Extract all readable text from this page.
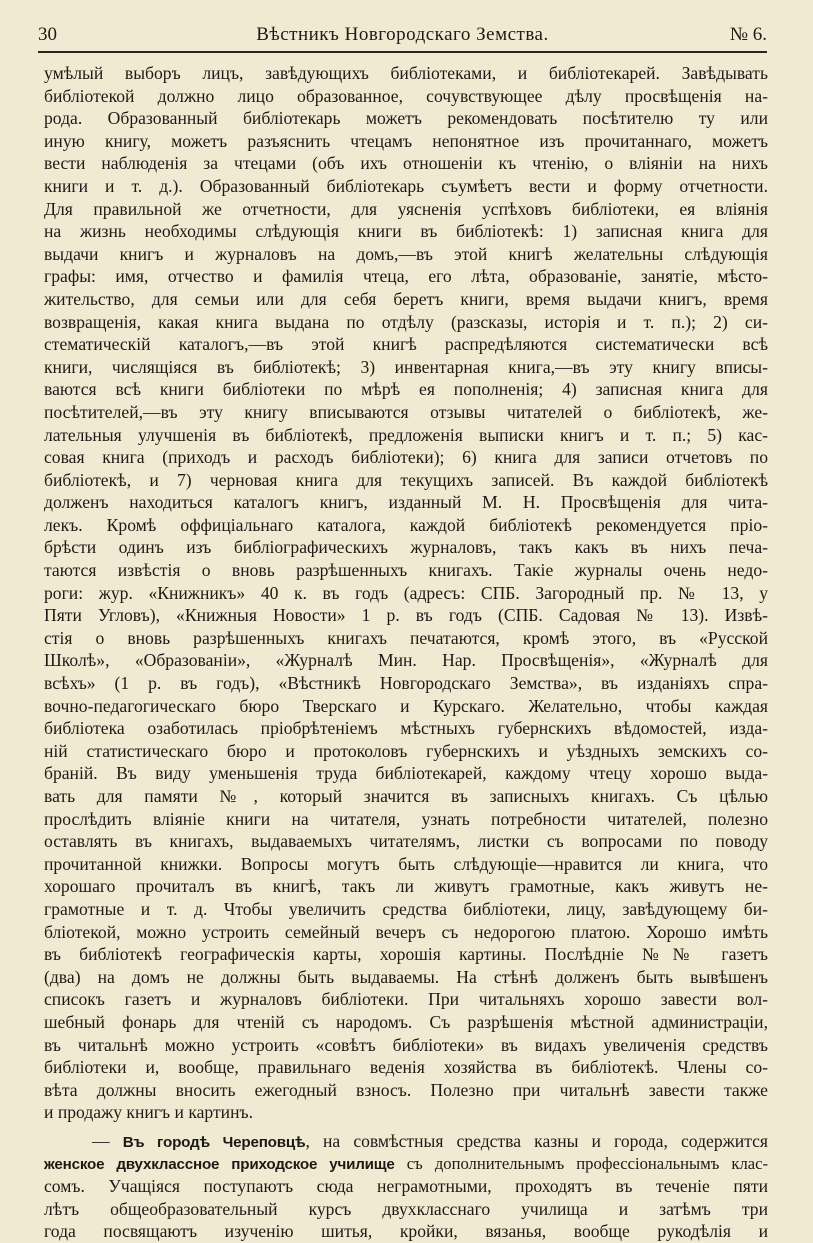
30	Вѣстникъ Новгородскаго Земства.	№ 6.
умѣлый выборъ лицъ, завѣдующихъ библіотеками, и библіотекарей. Завѣдывать
библіотекой должно лицо образованное, сочувствующее дѣлу просвѣщенія на-
рода. Образованный библіотекарь можетъ рекомендовать посѣтителю ту или
иную книгу, можетъ разъяснить чтецамъ непонятное изъ прочитаннаго, можетъ
вести наблюденія за чтецами (объ ихъ отношеніи къ чтенію, о вліяніи на нихъ
книги и т. д.). Образованный библіотекарь съумѣетъ вести и форму отчетности.
Для правильной же отчетности, для уясненія успѣховъ библіотеки, ея вліянія
на жизнь необходимы слѣдующія книги въ библіотекѣ: 1) записная книга для
выдачи книгъ и журналовъ на домъ,—въ этой книгѣ желательны слѣдующія
графы: имя, отчество и фамилія чтеца, его лѣта, образованіе, занятіе, мѣсто-
жительство, для семьи или для себя беретъ книги, время выдачи книгъ, время
возвращенія, какая книга выдана по отдѣлу (разсказы, исторія и т. п.); 2) си-
стематическій каталогъ,—въ этой книгѣ распредѣляются систематически всѣ
книги, числящіяся въ библіотекѣ; 3) инвентарная книга,—въ эту книгу вписы-
ваются всѣ книги библіотеки по мѣрѣ ея пополненія; 4) записная книга для
посѣтителей,—въ эту книгу вписываются отзывы читателей о библіотекѣ, же-
лательныя улучшенія въ библіотекѣ, предложенія выписки книгъ и т. п.; 5) кас-
совая книга (приходъ и расходъ библіотеки); 6) книга для записи отчетовъ по
библіотекѣ, и 7) черновая книга для текущихъ записей. Въ каждой библіотекѣ
долженъ находиться каталогъ книгъ, изданный М. Н. Просвѣщенія для чита-
лекъ. Кромѣ оффиціальнаго каталога, каждой библіотекѣ рекомендуется пріо-
брѣсти одинъ изъ библіографическихъ журналовъ, такъ какъ въ нихъ печа-
таются извѣстія о вновь разрѣшенныхъ книгахъ. Такіе журналы очень недо-
роги: жур. «Книжникъ» 40 к. въ годъ (адресъ: СПБ. Загородный пр. № 13, у
Пяти Угловъ), «Книжныя Новости» 1 р. въ годъ (СПБ. Садовая № 13). Извѣ-
стія о вновь разрѣшенныхъ книгахъ печатаются, кромѣ этого, въ «Русской
Школѣ», «Образованіи», «Журналѣ Мин. Нар. Просвѣщенія», «Журналѣ для
всѣхъ» (1 р. въ годъ), «Вѣстникѣ Новгородскаго Земства», въ изданіяхъ спра-
вочно-педагогическаго бюро Тверскаго и Курскаго. Желательно, чтобы каждая
библіотека озаботилась пріобрѣтеніемъ мѣстныхъ губернскихъ вѣдомостей, изда-
ній статистическаго бюро и протоколовъ губернскихъ и уѣздныхъ земскихъ со-
браній. Въ виду уменьшенія труда библіотекарей, каждому чтецу хорошо выда-
вать для памяти №, который значится въ записныхъ книгахъ. Съ цѣлью
прослѣдить вліяніе книги на читателя, узнать потребности читателей, полезно
оставлять въ книгахъ, выдаваемыхъ читателямъ, листки съ вопросами по поводу
прочитанной книжки. Вопросы могутъ быть слѣдующіе—нравится ли книга, что
хорошаго прочиталъ въ книгѣ, такъ ли живутъ грамотные, какъ живутъ не-
грамотные и т. д. Чтобы увеличить средства библіотеки, лицу, завѣдующему би-
бліотекой, можно устроить семейный вечеръ съ недорогою платою. Хорошо имѣть
въ библіотекѣ географическія карты, хорошія картины. Послѣдніе №№ газетъ
(два) на домъ не должны быть выдаваемы. На стѣнѣ долженъ быть вывѣшенъ
списокъ газетъ и журналовъ библіотеки. При читальняхъ хорошо завести вол-
шебный фонарь для чтеній съ народомъ. Съ разрѣшенія мѣстной администраціи,
въ читальнѣ можно устроить «совѣтъ библіотеки» въ видахъ увеличенія средствъ
библіотеки и, вообще, правильнаго веденія хозяйства въ библіотекѣ. Члены со-
вѣта должны вносить ежегодный взносъ. Полезно при читальнѣ завести также
и продажу книгъ и картинъ.
— Въ городѣ Череповцѣ, на совмѣстныя средства казны и города, содержится
женское двухклассное приходское училище съ дополнительнымъ профессіональнымъ клас-
сомъ. Учащіяся поступаютъ сюда неграмотными, проходятъ въ теченіе пяти
лѣтъ общеобразовательный курсъ двухкласснаго училища и затѣмъ три
года посвящаютъ изученію шитья, кройки, вязанья, вообще рукодѣлія и
